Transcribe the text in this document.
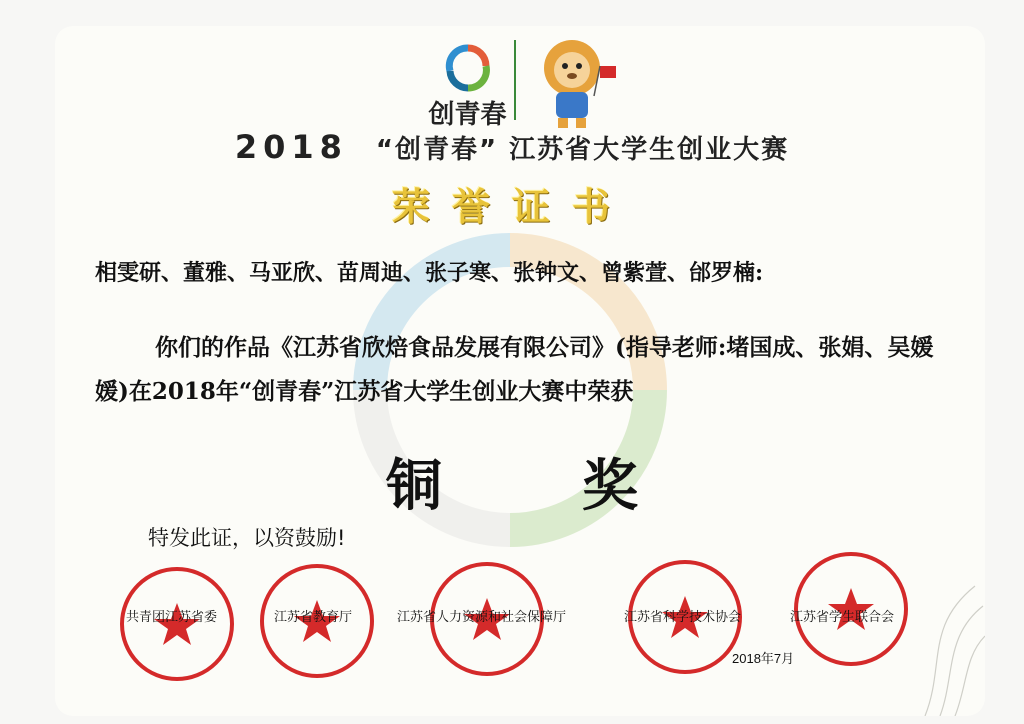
创青春
2018 “创青春” 江苏省大学生创业大赛
荣誉证书
相雯研、董雅、马亚欣、苗周迪、张子寒、张钟文、曾紫萱、邰罗楠:
你们的作品《江苏省欣焙食品发展有限公司》(指导老师:堵国成、张娟、吴媛媛)在2018年“创青春”江苏省大学生创业大赛中荣获
铜奖
特发此证，以资鼓励!
共青团江苏省委	江苏省教育厅	江苏省人力资源和社会保障厅	江苏省科学技术协会	江苏省学生联合会
2018年7月
